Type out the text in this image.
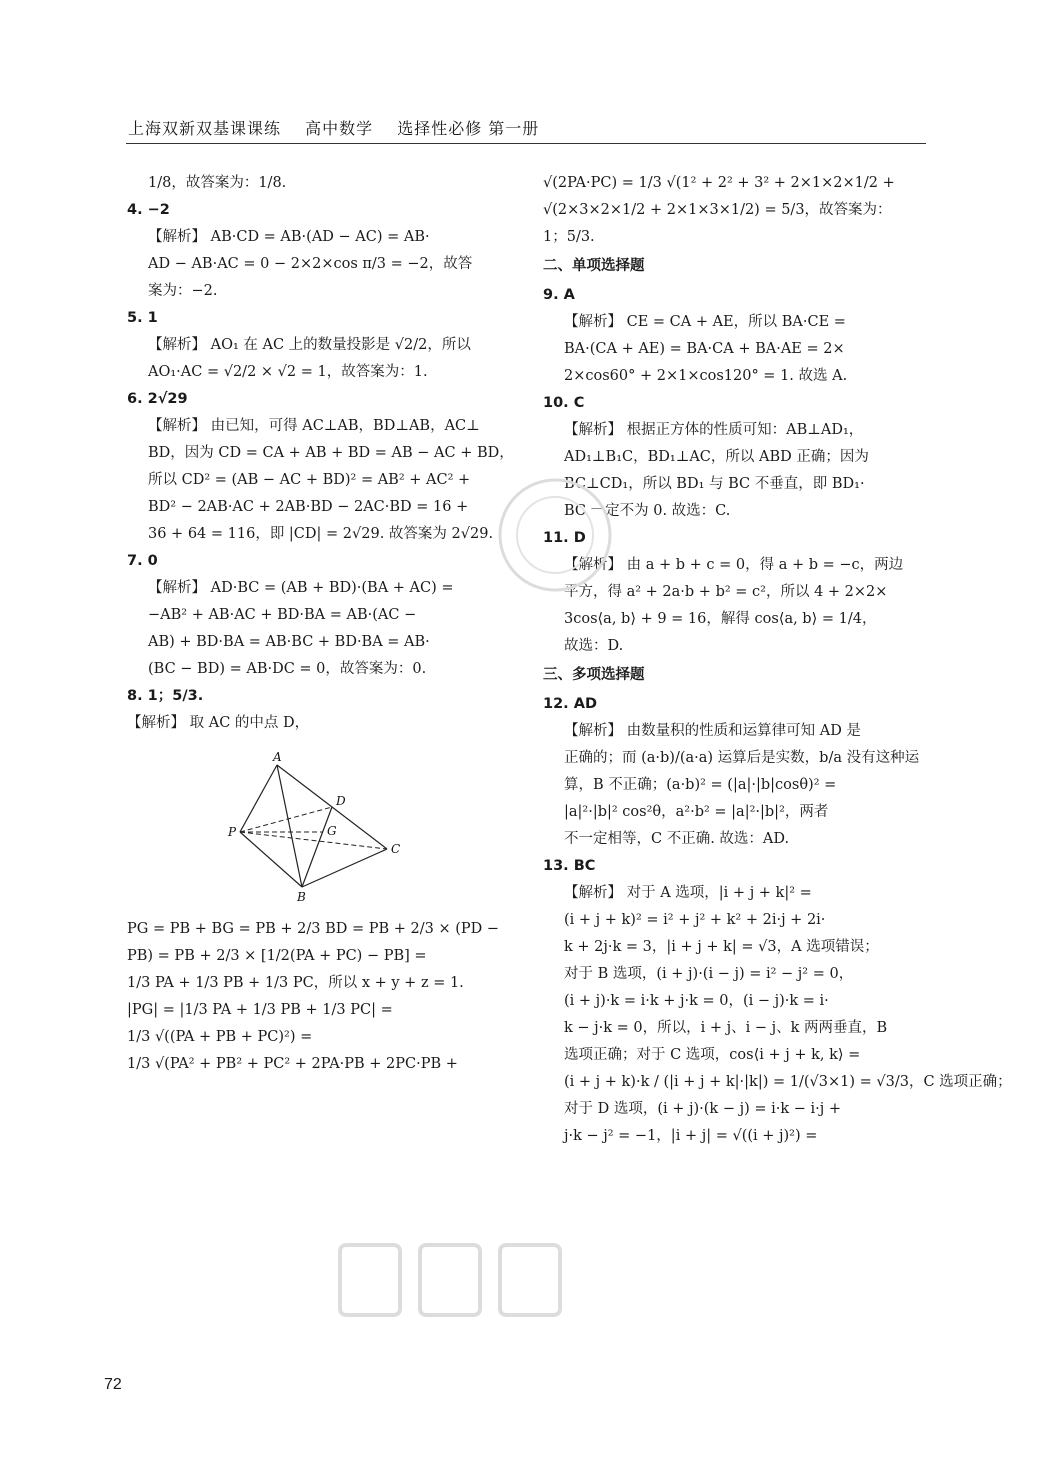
上海双新双基课课练 高中数学 选择性必修 第一册
1/8，故答案为：1/8.
4. −2
【解析】 AB·CD = AB·(AD − AC) = AB·
AD − AB·AC = 0 − 2×2×cos π/3 = −2，故答
案为：−2.
5. 1
【解析】 AO₁ 在 AC 上的数量投影是 √2/2，所以
AO₁·AC = √2/2 × √2 = 1，故答案为：1.
6. 2√29
【解析】 由已知，可得 AC⊥AB，BD⊥AB，AC⊥
BD，因为 CD = CA + AB + BD = AB − AC + BD，
所以 CD² = (AB − AC + BD)² = AB² + AC² +
BD² − 2AB·AC + 2AB·BD − 2AC·BD = 16 +
36 + 64 = 116，即 |CD| = 2√29. 故答案为 2√29.
7. 0
【解析】 AD·BC = (AB + BD)·(BA + AC) =
−AB² + AB·AC + BD·BA = AB·(AC −
AB) + BD·BA = AB·BC + BD·BA = AB·
(BC − BD) = AB·DC = 0，故答案为：0.
8. 1；5/3.
【解析】 取 AC 的中点 D，
A
B
C
D
G
P
PG = PB + BG = PB + 2/3 BD = PB + 2/3 × (PD −
PB) = PB + 2/3 × [1/2(PA + PC) − PB] =
1/3 PA + 1/3 PB + 1/3 PC，所以 x + y + z = 1.
|PG| = |1/3 PA + 1/3 PB + 1/3 PC| =
1/3 √((PA + PB + PC)²) =
1/3 √(PA² + PB² + PC² + 2PA·PB + 2PC·PB +
√(2PA·PC) = 1/3 √(1² + 2² + 3² + 2×1×2×1/2 +
√(2×3×2×1/2 + 2×1×3×1/2) = 5/3，故答案为：
1；5/3.
二、单项选择题
9. A
【解析】 CE = CA + AE，所以 BA·CE =
BA·(CA + AE) = BA·CA + BA·AE = 2×
2×cos60° + 2×1×cos120° = 1. 故选 A.
10. C
【解析】 根据正方体的性质可知：AB⊥AD₁，
AD₁⊥B₁C，BD₁⊥AC，所以 ABD 正确；因为
BC⊥CD₁，所以 BD₁ 与 BC 不垂直，即 BD₁·
BC 一定不为 0. 故选：C.
11. D
【解析】 由 a + b + c = 0，得 a + b = −c，两边
平方，得 a² + 2a·b + b² = c²，所以 4 + 2×2×
3cos⟨a, b⟩ + 9 = 16，解得 cos⟨a, b⟩ = 1/4，
故选：D.
三、多项选择题
12. AD
【解析】 由数量积的性质和运算律可知 AD 是
正确的；而 (a·b)/(a·a) 运算后是实数，b/a 没有这种运
算，B 不正确；(a·b)² = (|a|·|b|cosθ)² =
|a|²·|b|² cos²θ，a²·b² = |a|²·|b|²，两者
不一定相等，C 不正确. 故选：AD.
13. BC
【解析】 对于 A 选项，|i + j + k|² =
(i + j + k)² = i² + j² + k² + 2i·j + 2i·
k + 2j·k = 3，|i + j + k| = √3，A 选项错误；
对于 B 选项，(i + j)·(i − j) = i² − j² = 0，
(i + j)·k = i·k + j·k = 0，(i − j)·k = i·
k − j·k = 0，所以，i + j、i − j、k 两两垂直，B
选项正确；对于 C 选项，cos⟨i + j + k, k⟩ =
(i + j + k)·k / (|i + j + k|·|k|) = 1/(√3×1) = √3/3，C 选项正确；
对于 D 选项，(i + j)·(k − j) = i·k − i·j +
j·k − j² = −1，|i + j| = √((i + j)²) =
72
